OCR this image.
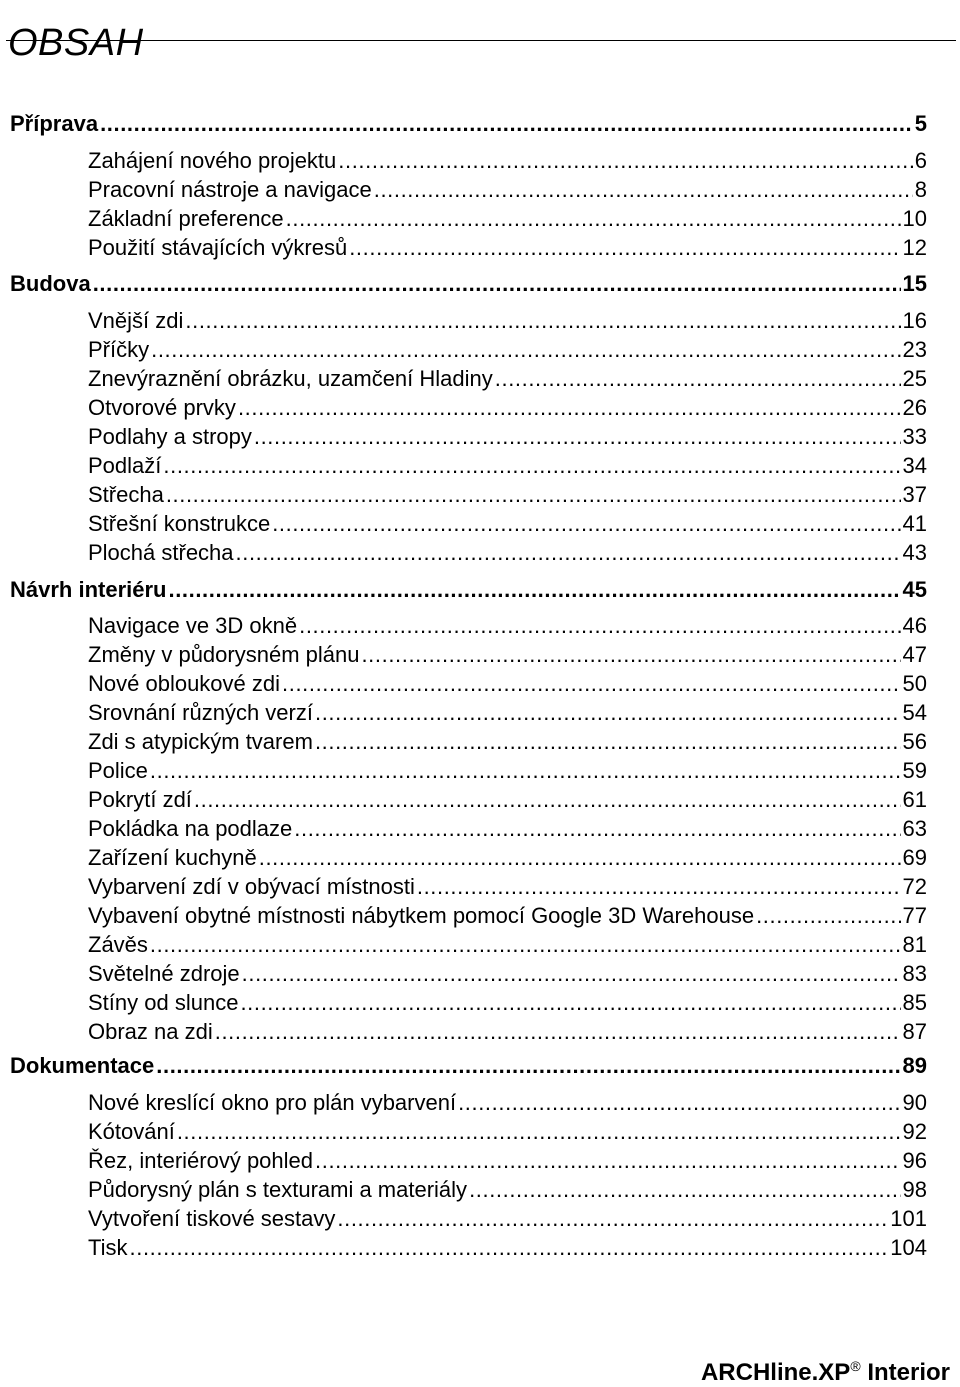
OBSAH
Příprava .....	5
Zahájení nového projektu .....	6
Pracovní nástroje a navigace .....	8
Základní preference .....	10
Použití stávajících výkresů .....	12
Budova .....	15
Vnější zdi .....	16
Příčky .....	23
Znevýraznění obrázku, uzamčení Hladiny .....	25
Otvorové prvky .....	26
Podlahy a stropy .....	33
Podlaží .....	34
Střecha .....	37
Střešní konstrukce .....	41
Plochá střecha .....	43
Návrh interiéru .....	45
Navigace ve 3D okně .....	46
Změny v půdorysném plánu .....	47
Nové obloukové zdi .....	50
Srovnání různých verzí .....	54
Zdi s atypickým tvarem .....	56
Police .....	59
Pokrytí zdí .....	61
Pokládka na podlaze .....	63
Zařízení kuchyně .....	69
Vybarvení zdí v obývací místnosti .....	72
Vybavení obytné místnosti nábytkem pomocí Google 3D Warehouse .....	77
Závěs .....	81
Světelné zdroje .....	83
Stíny od slunce .....	85
Obraz na zdi .....	87
Dokumentace .....	89
Nové kreslící okno pro plán vybarvení .....	90
Kótování .....	92
Řez, interiérový pohled .....	96
Půdorysný plán s texturami a materiály .....	98
Vytvoření tiskové sestavy .....	101
Tisk .....	104
ARCHline.XP® Interior
